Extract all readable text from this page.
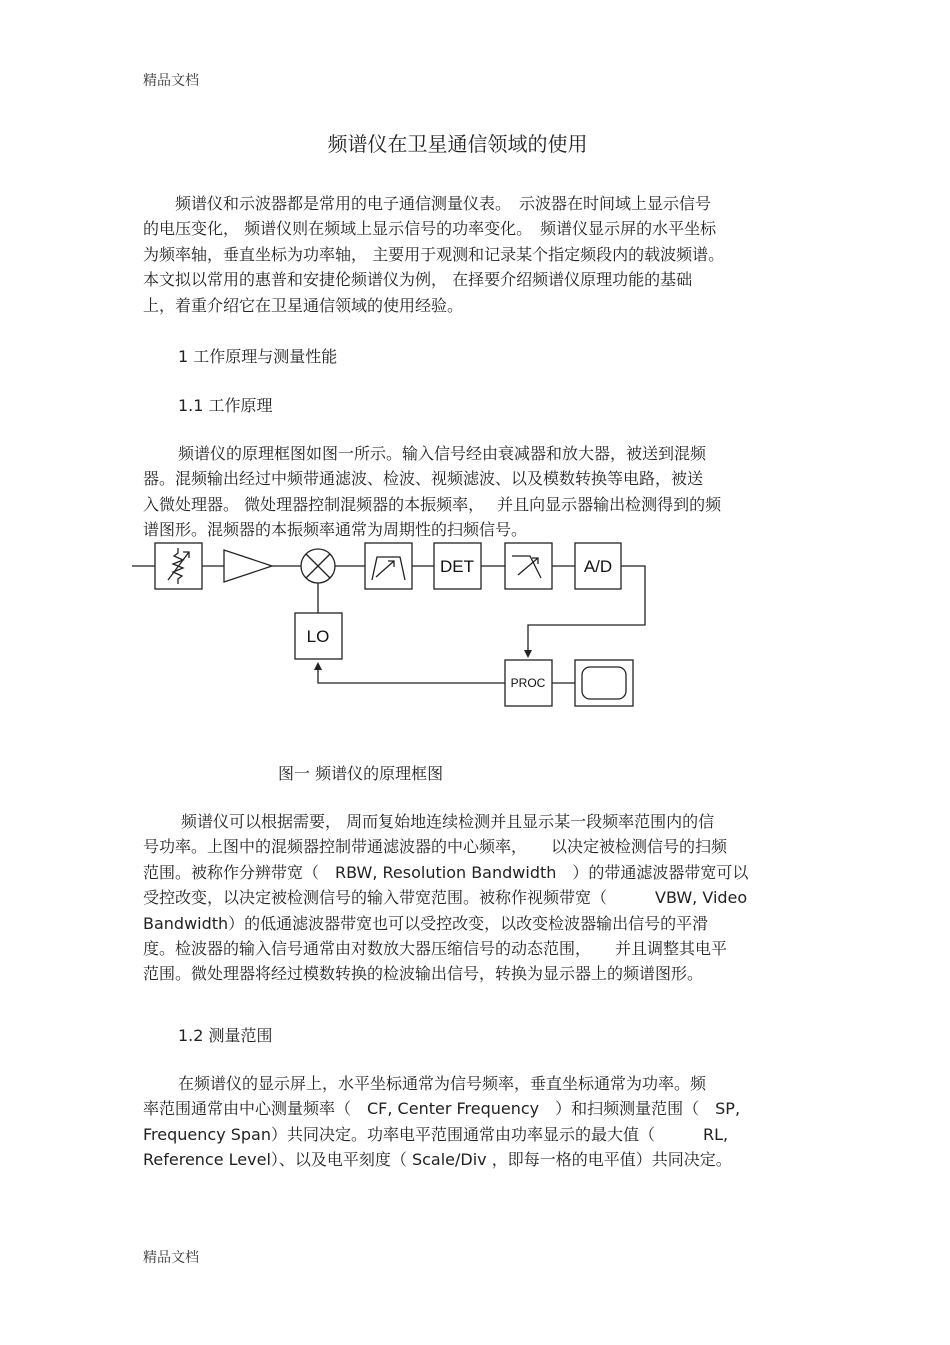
精品文档
频谱仪在卫星通信领域的使用
　　频谱仪和示波器都是常用的电子通信测量仪表。　示波器在时间域上显示信号
的电压变化， 频谱仪则在频域上显示信号的功率变化。　频谱仪显示屏的水平坐标
为频率轴，垂直坐标为功率轴， 主要用于观测和记录某个指定频段内的载波频谱。
本文拟以常用的惠普和安捷伦频谱仪为例， 在择要介绍频谱仪原理功能的基础
上，着重介绍它在卫星通信领域的使用经验。
1 工作原理与测量性能
1.1 工作原理
频谱仪的原理框图如图一所示。输入信号经由衰减器和放大器，被送到混频
器。混频输出经过中频带通滤波、检波、视频滤波、以及模数转换等电路，被送
入微处理器。 微处理器控制混频器的本振频率，　 并且向显示器输出检测得到的频
谱图形。混频器的本振频率通常为周期性的扫频信号。
DET	A/D
LO
PROC
图一 频谱仪的原理框图
　频谱仪可以根据需要， 周而复始地连续检测并且显示某一段频率范围内的信
号功率。上图中的混频器控制带通滤波器的中心频率，　　以决定被检测信号的扫频
范围。被称作分辨带宽（　RBW, Resolution Bandwidth　）的带通滤波器带宽可以
受控改变，以决定被检测信号的输入带宽范围。被称作视频带宽（　　　VBW, Video
Bandwidth）的低通滤波器带宽也可以受控改变，以改变检波器输出信号的平滑
度。检波器的输入信号通常由对数放大器压缩信号的动态范围，　　并且调整其电平
范围。微处理器将经过模数转换的检波输出信号，转换为显示器上的频谱图形。
1.2 测量范围
在频谱仪的显示屏上，水平坐标通常为信号频率，垂直坐标通常为功率。频
率范围通常由中心测量频率（　CF, Center Frequency　）和扫频测量范围（　SP,
Frequency Span）共同决定。功率电平范围通常由功率显示的最大值（　　　RL,
Reference Level）、以及电平刻度（ Scale/Div ，即每一格的电平值）共同决定。
精品文档
